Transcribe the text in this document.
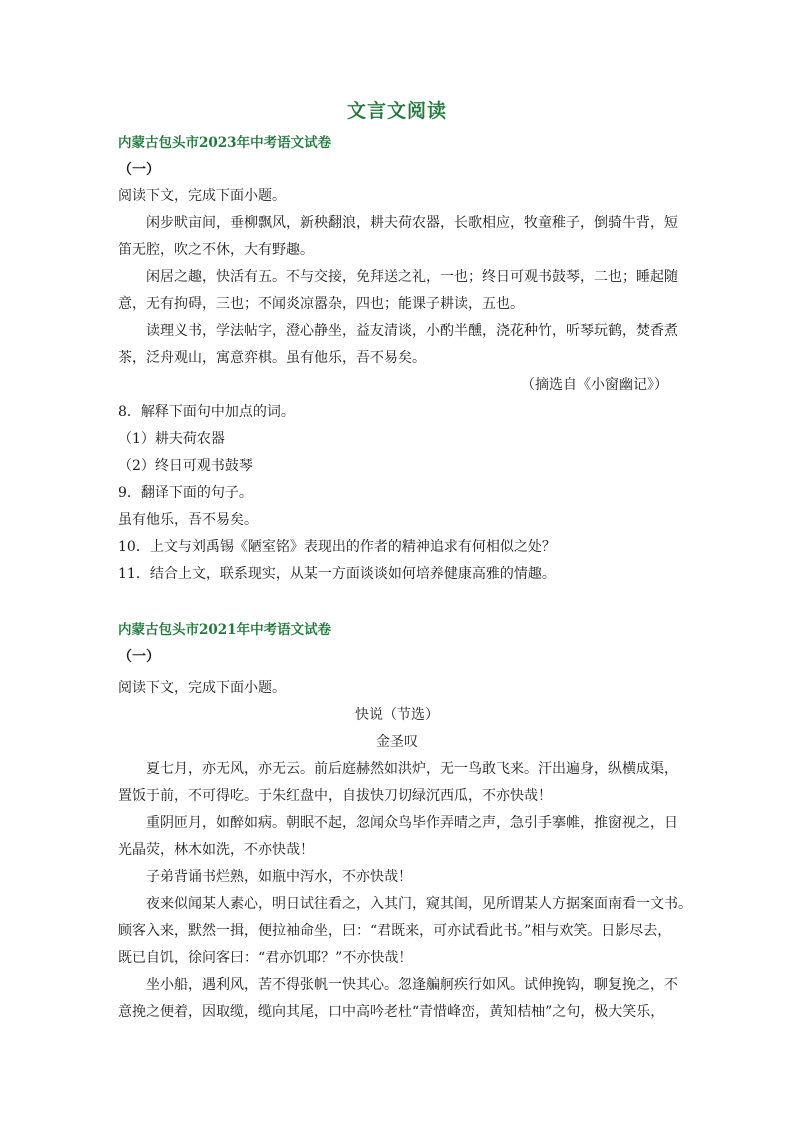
文言文阅读
内蒙古包头市2023年中考语文试卷
（一）
阅读下文，完成下面小题。
闲步畎亩间，垂柳飘风，新秧翻浪，耕夫荷农器，长歌相应，牧童稚子，倒骑牛背，短
笛无腔，吹之不休，大有野趣。
闲居之趣，快活有五。不与交接，免拜送之礼，一也；终日可观书鼓琴，二也；睡起随
意，无有拘碍，三也；不闻炎凉嚣杂，四也；能课子耕读，五也。
读理义书，学法帖字，澄心静坐，益友清谈，小酌半醺，浇花种竹，听琴玩鹤，焚香煮
茶，泛舟观山，寓意弈棋。虽有他乐，吾不易矣。
（摘选自《小窗幽记》）
8．解释下面句中加点的词。
（1）耕夫荷农器
（2）终日可观书鼓琴
9．翻译下面的句子。
虽有他乐，吾不易矣。
10．上文与刘禹锡《陋室铭》表现出的作者的精神追求有何相似之处？
11．结合上文，联系现实，从某一方面谈谈如何培养健康高雅的情趣。
内蒙古包头市2021年中考语文试卷
（一）
阅读下文，完成下面小题。
快说（节选）
金圣叹
夏七月，亦无风，亦无云。前后庭赫然如洪炉，无一鸟敢飞来。汗出遍身，纵横成渠，
置饭于前，不可得吃。于朱红盘中，自拔快刀切绿沉西瓜，不亦快哉！
重阴匝月，如醉如病。朝眠不起，忽闻众鸟毕作弄晴之声，急引手搴帷，推窗视之，日
光晶荧，林木如洗，不亦快哉！
子弟背诵书烂熟，如瓶中泻水，不亦快哉！
夜来似闻某人素心，明日试往看之，入其门，窥其闺，见所谓某人方据案面南看一文书。
顾客入来，默然一揖，便拉袖命坐，曰：“君既来，可亦试看此书。”相与欢笑。日影尽去，
既已自饥，徐问客曰：“君亦饥耶？”不亦快哉！
坐小船，遇利风，苦不得张帆一快其心。忽逢艑舸疾行如风。试伸挽钩，聊复挽之，不
意挽之便着，因取缆，缆向其尾，口中高吟老杜“青惜峰峦，黄知桔柚”之句，极大笑乐，
